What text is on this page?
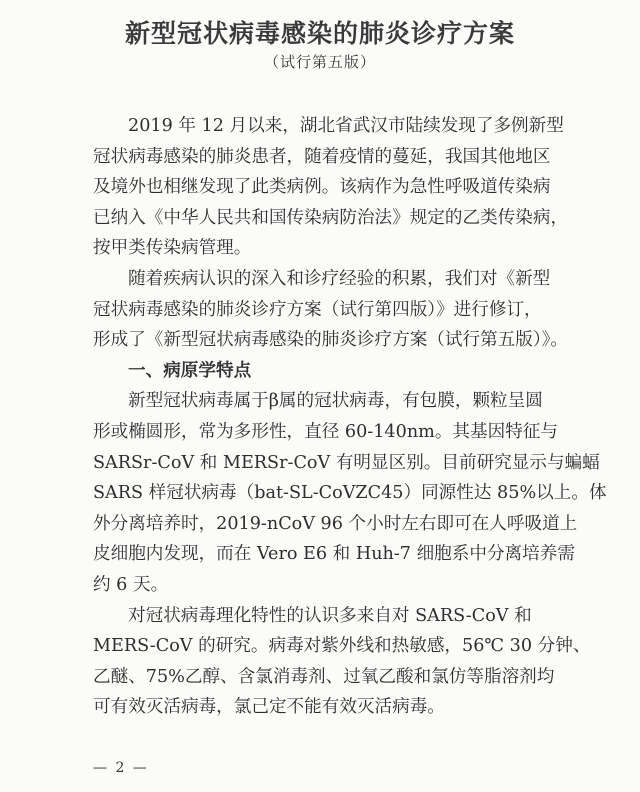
新型冠状病毒感染的肺炎诊疗方案
（试行第五版）
2019 年 12 月以来，湖北省武汉市陆续发现了多例新型
冠状病毒感染的肺炎患者，随着疫情的蔓延，我国其他地区
及境外也相继发现了此类病例。该病作为急性呼吸道传染病
已纳入《中华人民共和国传染病防治法》规定的乙类传染病，
按甲类传染病管理。
随着疾病认识的深入和诊疗经验的积累，我们对《新型
冠状病毒感染的肺炎诊疗方案（试行第四版）》进行修订，
形成了《新型冠状病毒感染的肺炎诊疗方案（试行第五版）》。
一、病原学特点
新型冠状病毒属于β属的冠状病毒，有包膜，颗粒呈圆
形或椭圆形，常为多形性，直径 60-140nm。其基因特征与
SARSr-CoV 和 MERSr-CoV 有明显区别。目前研究显示与蝙蝠
SARS 样冠状病毒（bat-SL-CoVZC45）同源性达 85%以上。体
外分离培养时，2019-nCoV 96 个小时左右即可在人呼吸道上
皮细胞内发现，而在 Vero E6 和 Huh-7 细胞系中分离培养需
约 6 天。
对冠状病毒理化特性的认识多来自对 SARS-CoV 和
MERS-CoV 的研究。病毒对紫外线和热敏感，56℃ 30 分钟、
乙醚、75%乙醇、含氯消毒剂、过氧乙酸和氯仿等脂溶剂均
可有效灭活病毒，氯己定不能有效灭活病毒。
— 2 —
